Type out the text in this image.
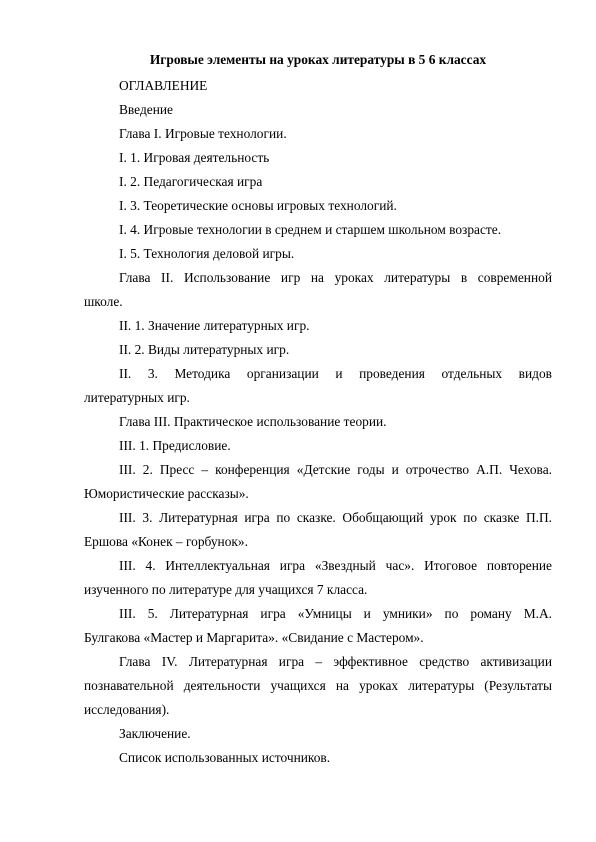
Игровые элементы на уроках литературы в 5 6 классах
ОГЛАВЛЕНИЕ
Введение
Глава I. Игровые технологии.
I. 1. Игровая деятельность
I. 2. Педагогическая игра
I. 3. Теоретические основы игровых технологий.
I. 4. Игровые технологии в среднем и старшем школьном возрасте.
I. 5. Технология деловой игры.
Глава II. Использование игр на уроках литературы в современной
школе.
II. 1. Значение литературных игр.
II. 2. Виды литературных игр.
II. 3. Методика организации и проведения отдельных видов
литературных игр.
Глава III. Практическое использование теории.
III. 1. Предисловие.
III. 2. Пресс – конференция «Детские годы и отрочество А.П. Чехова.
Юмористические рассказы».
III. 3. Литературная игра по сказке. Обобщающий урок по сказке П.П.
Ершова «Конек – горбунок».
III. 4. Интеллектуальная игра «Звездный час». Итоговое повторение
изученного по литературе для учащихся 7 класса.
III. 5. Литературная игра «Умницы и умники» по роману М.А.
Булгакова «Мастер и Маргарита». «Свидание с Мастером».
Глава IV. Литературная игра – эффективное средство активизации
познавательной деятельности учащихся на уроках литературы (Результаты
исследования).
Заключение.
Список использованных источников.
